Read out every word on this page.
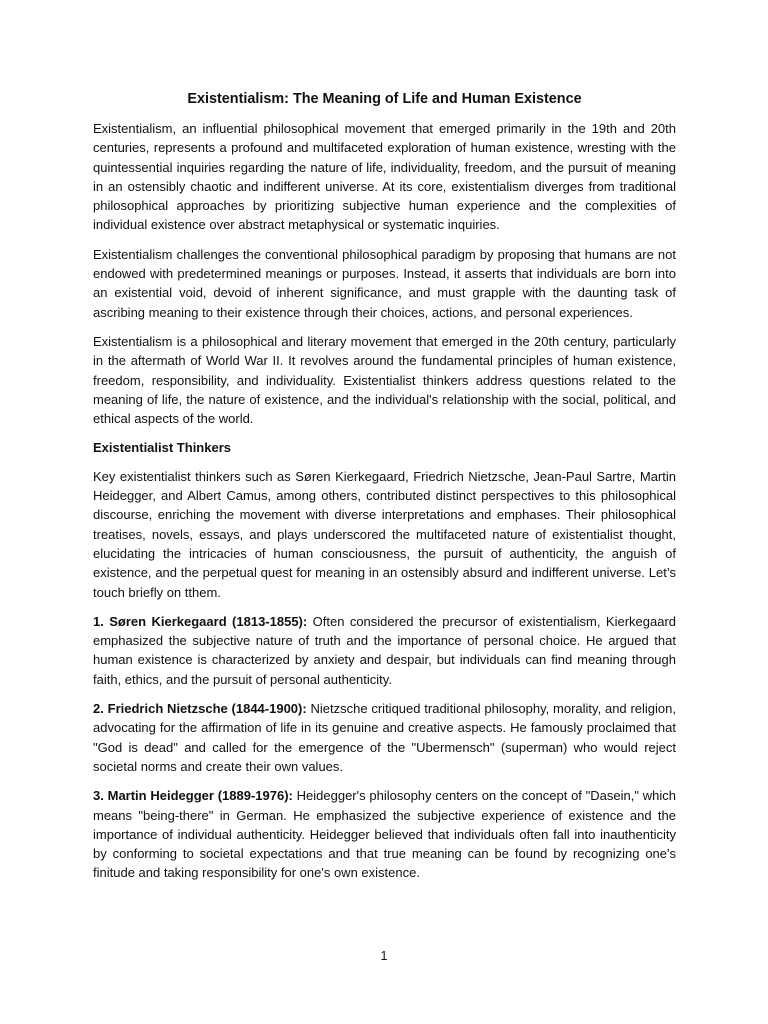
Existentialism: The Meaning of Life and Human Existence

Existentialism, an influential philosophical movement that emerged primarily in the 19th and 20th centuries, represents a profound and multifaceted exploration of human existence, wresting with the quintessential inquiries regarding the nature of life, individuality, freedom, and the pursuit of meaning in an ostensibly chaotic and indifferent universe. At its core, existentialism diverges from traditional philosophical approaches by prioritizing subjective human experience and the complexities of individual existence over abstract metaphysical or systematic inquiries.

Existentialism challenges the conventional philosophical paradigm by proposing that humans are not endowed with predetermined meanings or purposes. Instead, it asserts that individuals are born into an existential void, devoid of inherent significance, and must grapple with the daunting task of ascribing meaning to their existence through their choices, actions, and personal experiences.

Existentialism is a philosophical and literary movement that emerged in the 20th century, particularly in the aftermath of World War II. It revolves around the fundamental principles of human existence, freedom, responsibility, and individuality. Existentialist thinkers address questions related to the meaning of life, the nature of existence, and the individual's relationship with the social, political, and ethical aspects of the world.

Existentialist Thinkers

Key existentialist thinkers such as Søren Kierkegaard, Friedrich Nietzsche, Jean-Paul Sartre, Martin Heidegger, and Albert Camus, among others, contributed distinct perspectives to this philosophical discourse, enriching the movement with diverse interpretations and emphases. Their philosophical treatises, novels, essays, and plays underscored the multifaceted nature of existentialist thought, elucidating the intricacies of human consciousness, the pursuit of authenticity, the anguish of existence, and the perpetual quest for meaning in an ostensibly absurd and indifferent universe. Let’s touch briefly on tthem.

1. Søren Kierkegaard (1813-1855): Often considered the precursor of existentialism, Kierkegaard emphasized the subjective nature of truth and the importance of personal choice. He argued that human existence is characterized by anxiety and despair, but individuals can find meaning through faith, ethics, and the pursuit of personal authenticity.

2. Friedrich Nietzsche (1844-1900): Nietzsche critiqued traditional philosophy, morality, and religion, advocating for the affirmation of life in its genuine and creative aspects. He famously proclaimed that "God is dead" and called for the emergence of the "Ubermensch" (superman) who would reject societal norms and create their own values.

3. Martin Heidegger (1889-1976): Heidegger's philosophy centers on the concept of "Dasein," which means "being-there" in German. He emphasized the subjective experience of existence and the importance of individual authenticity. Heidegger believed that individuals often fall into inauthenticity by conforming to societal expectations and that true meaning can be found by recognizing one's finitude and taking responsibility for one's own existence.

1
